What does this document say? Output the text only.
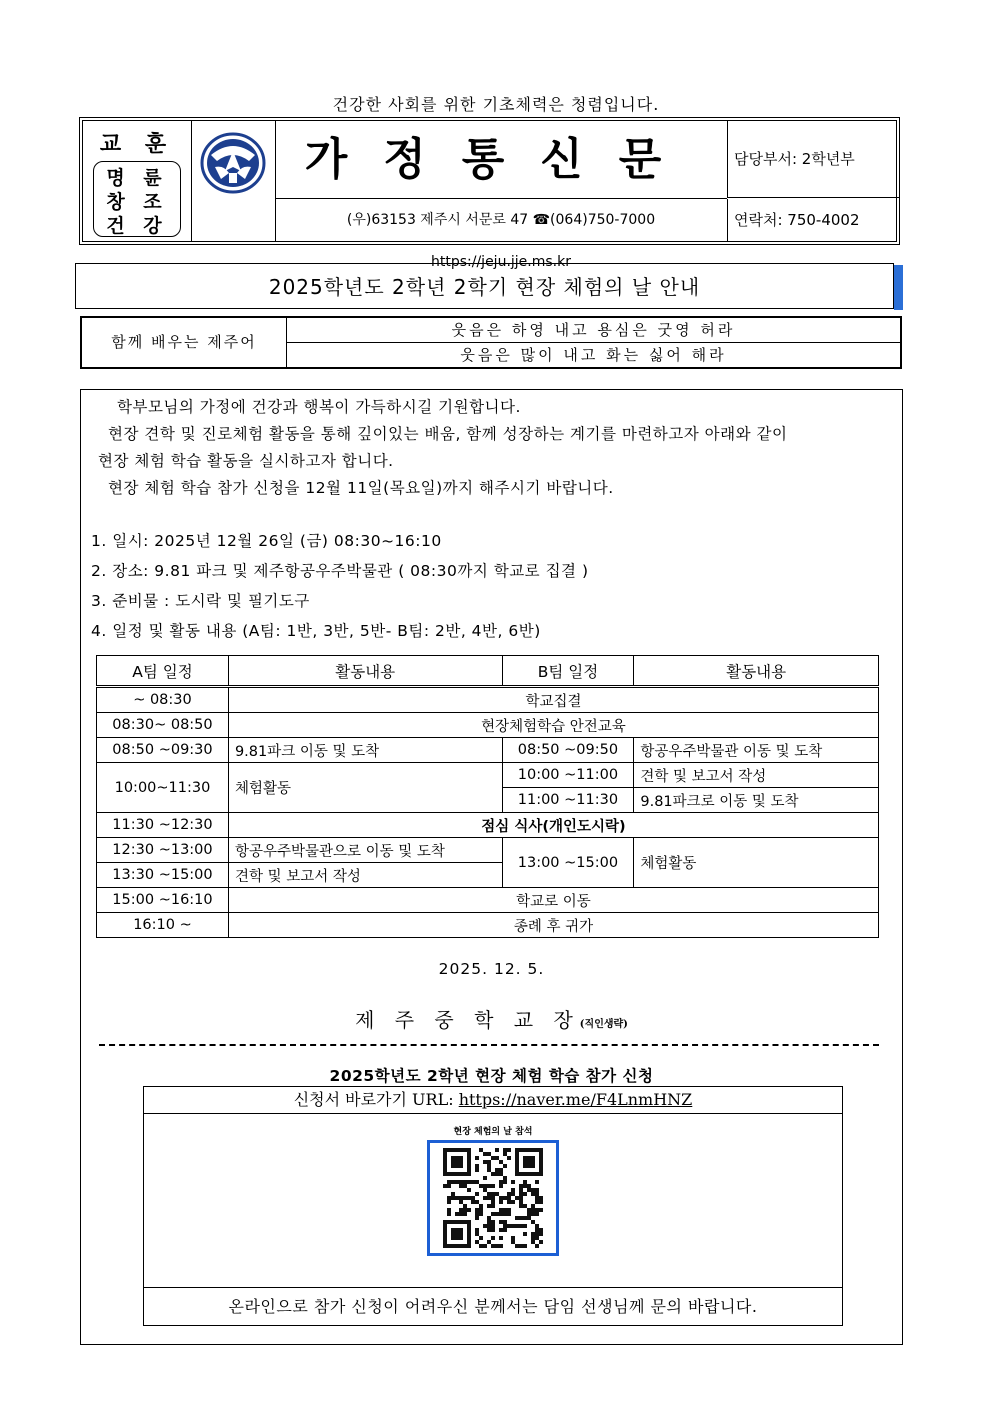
건강한 사회를 위한 기초체력은 청렴입니다.
교 훈
명 륜
창 조
건 강
가정통신문
(우)63153 제주시 서문로 47 ☎(064)750-7000 https://jeju.jje.ms.kr
담당부서: 2학년부
연락처: 750-4002
2025학년도 2학년 2학기 현장 체험의 날 안내
함께 배우는 제주어
웃음은 하영 내고 용심은 굿영 허라
웃음은 많이 내고 화는 싫어 해라
학부모님의 가정에 건강과 행복이 가득하시길 기원합니다.
현장 견학 및 진로체험 활동을 통해 깊이있는 배움, 함께 성장하는 계기를 마련하고자 아래와 같이
현장 체험 학습 활동을 실시하고자 합니다.
현장 체험 학습 참가 신청을 12월 11일(목요일)까지 해주시기 바랍니다.
1. 일시: 2025년 12월 26일 (금) 08:30~16:10
2. 장소: 9.81 파크 및 제주항공우주박물관 ( 08:30까지 학교로 집결 )
3. 준비물 : 도시락 및 필기도구
4. 일정 및 활동 내용 (A팀: 1반, 3반, 5반- B팀: 2반, 4반, 6반)
A팀 일정	활동내용	B팀 일정	활동내용
~ 08:30	학교집결		
08:30~ 08:50	현장체험학습 안전교육		
08:50 ~09:30	9.81파크 이동 및 도착	08:50 ~09:50	항공우주박물관 이동 및 도착
10:00~11:30	체험활동	10:00 ~11:00	견학 및 보고서 작성
		11:00 ~11:30	9.81파크로 이동 및 도착
11:30 ~12:30	점심 식사(개인도시락)		
12:30 ~13:00	항공우주박물관으로 이동 및 도착	13:00 ~15:00	체험활동
13:30 ~15:00	견학 및 보고서 작성		
15:00 ~16:10	학교로 이동		
16:10 ~	종례 후 귀가		
2025. 12. 5.
제 주 중 학 교 장(직인생략)
2025학년도 2학년 현장 체험 학습 참가 신청
신청서 바로가기 URL: https://naver.me/F4LnmHNZ
현장 체험의 날 참석
온라인으로 참가 신청이 어려우신 분께서는 담임 선생님께 문의 바랍니다.
